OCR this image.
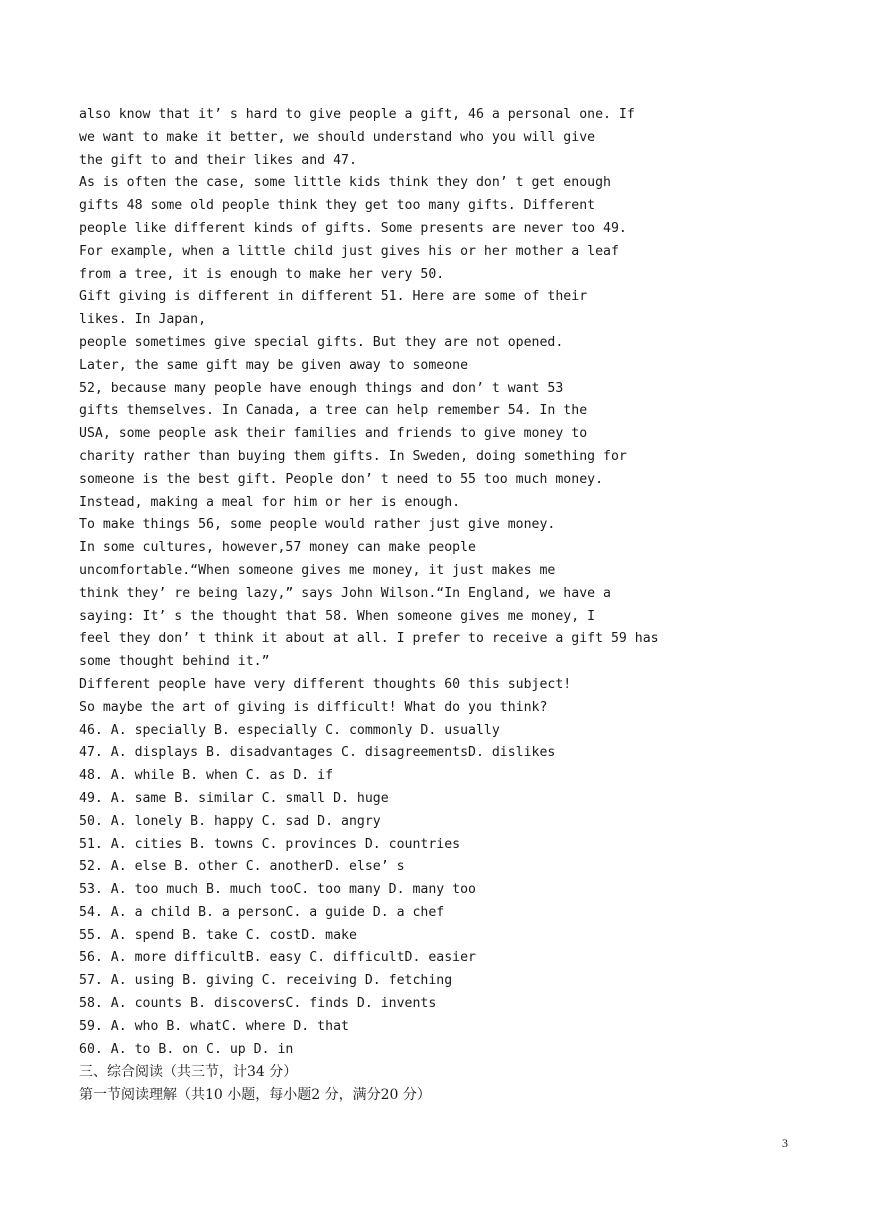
also know that it’ s hard to give people a gift, 46 a personal one. If
we want to make it better, we should understand who you will give
the gift to and their likes and 47.
As is often the case, some little kids think they don’ t get enough
gifts 48 some old people think they get too many gifts. Different
people like different kinds of gifts. Some presents are never too 49.
For example, when a little child just gives his or her mother a leaf
from a tree, it is enough to make her very 50.
Gift giving is different in different 51. Here are some of their
likes. In Japan,
people sometimes give special gifts. But they are not opened.
Later, the same gift may be given away to someone
52, because many people have enough things and don’ t want 53
gifts themselves. In Canada, a tree can help remember 54. In the
USA, some people ask their families and friends to give money to
charity rather than buying them gifts. In Sweden, doing something for
someone is the best gift. People don’ t need to 55 too much money.
Instead, making a meal for him or her is enough.
To make things 56, some people would rather just give money.
In some cultures, however,57 money can make people
uncomfortable.“When someone gives me money, it just makes me
think they’ re being lazy,” says John Wilson.“In England, we have a
saying: It’ s the thought that 58. When someone gives me money, I
feel they don’ t think it about at all. I prefer to receive a gift 59 has
some thought behind it.”
Different people have very different thoughts 60 this subject!
So maybe the art of giving is difficult! What do you think?
46. A. specially B. especially C. commonly D. usually
47. A. displays B. disadvantages C. disagreementsD. dislikes
48. A. while B. when C. as D. if
49. A. same B. similar C. small D. huge
50. A. lonely B. happy C. sad D. angry
51. A. cities B. towns C. provinces D. countries
52. A. else B. other C. anotherD. else’ s
53. A. too much B. much tooC. too many D. many too
54. A. a child B. a personC. a guide D. a chef
55. A. spend B. take C. costD. make
56. A. more difficultB. easy C. difficultD. easier
57. A. using B. giving C. receiving D. fetching
58. A. counts B. discoversC. finds D. invents
59. A. who B. whatC. where D. that
60. A. to B. on C. up D. in
三、综合阅读（共三节，计34 分）
第一节阅读理解（共10 小题，每小题2 分，满分20 分）
3
